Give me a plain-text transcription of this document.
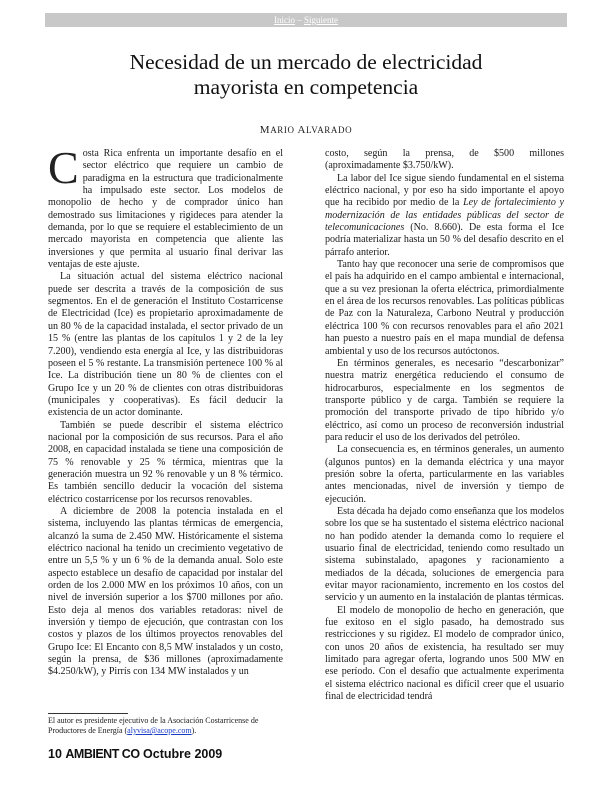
Inicio – Siguiente
Necesidad de un mercado de electricidad
mayorista en competencia
MARIO ALVARADO

Costa Rica enfrenta un importante desafío en el sector eléctrico que requiere un cambio de paradigma en la estructura que tradicionalmente ha impulsado este sector. Los modelos de monopolio de hecho y de comprador único han demostrado sus limitaciones y rigideces para atender la demanda, por lo que se requiere el establecimiento de un mercado mayorista en competencia que aliente las inversiones y que permita al usuario final derivar las ventajas de este ajuste.

La situación actual del sistema eléctrico nacional puede ser descrita a través de la composición de sus segmentos. En el de generación el Instituto Costarricense de Electricidad (Ice) es propietario aproximadamente de un 80 % de la capacidad instalada, el sector privado de un 15 % (entre las plantas de los capítulos 1 y 2 de la ley 7.200), vendiendo esta energía al Ice, y las distribuidoras poseen el 5 % restante. La transmisión pertenece 100 % al Ice. La distribución tiene un 80 % de clientes con el Grupo Ice y un 20 % de clientes con otras distribuidoras (municipales y cooperativas). Es fácil deducir la existencia de un actor dominante.

También se puede describir el sistema eléctrico nacional por la composición de sus recursos. Para el año 2008, en capacidad instalada se tiene una composición de 75 % renovable y 25 % térmica, mientras que la generación muestra un 92 % renovable y un 8 % térmico. Es también sencillo deducir la vocación del sistema eléctrico costarricense por los recursos renovables.

A diciembre de 2008 la potencia instalada en el sistema, incluyendo las plantas térmicas de emergencia, alcanzó la suma de 2.450 MW. Históricamente el sistema eléctrico nacional ha tenido un crecimiento vegetativo de entre un 5,5 % y un 6 % de la demanda anual. Solo este aspecto establece un desafío de capacidad por instalar del orden de los 2.000 MW en los próximos 10 años, con un nivel de inversión superior a los $700 millones por año. Esto deja al menos dos variables retadoras: nivel de inversión y tiempo de ejecución, que contrastan con los costos y plazos de los últimos proyectos renovables del Grupo Ice: El Encanto con 8,5 MW instalados y un costo, según la prensa, de $36 millones (aproximadamente $4.250/kW), y Pirrís con 134 MW instalados y un

costo, según la prensa, de $500 millones (aproximadamente $3.750/kW).

La labor del Ice sigue siendo fundamental en el sistema eléctrico nacional, y por eso ha sido importante el apoyo que ha recibido por medio de la Ley de fortalecimiento y modernización de las entidades públicas del sector de telecomunicaciones (No. 8.660). De esta forma el Ice podría materializar hasta un 50 % del desafío descrito en el párrafo anterior.

Tanto hay que reconocer una serie de compromisos que el país ha adquirido en el campo ambiental e internacional, que a su vez presionan la oferta eléctrica, primordialmente en el área de los recursos renovables. Las políticas públicas de Paz con la Naturaleza, Carbono Neutral y producción eléctrica 100 % con recursos renovables para el año 2021 han puesto a nuestro país en el mapa mundial de defensa ambiental y uso de los recursos autóctonos.

En términos generales, es necesario “descarbonizar” nuestra matriz energética reduciendo el consumo de hidrocarburos, especialmente en los segmentos de transporte público y de carga. También se requiere la promoción del transporte privado de tipo híbrido y/o eléctrico, así como un proceso de reconversión industrial para reducir el uso de los derivados del petróleo.

La consecuencia es, en términos generales, un aumento (algunos puntos) en la demanda eléctrica y una mayor presión sobre la oferta, particularmente en las variables antes mencionadas, nivel de inversión y tiempo de ejecución.

Esta década ha dejado como enseñanza que los modelos sobre los que se ha sustentado el sistema eléctrico nacional no han podido atender la demanda como lo requiere el usuario final de electricidad, teniendo como resultado un sistema subinstalado, apagones y racionamiento a mediados de la década, soluciones de emergencia para evitar mayor racionamiento, incremento en los costos del servicio y un aumento en la instalación de plantas térmicas.

El modelo de monopolio de hecho en generación, que fue exitoso en el siglo pasado, ha demostrado sus restricciones y su rigidez. El modelo de comprador único, con unos 20 años de existencia, ha resultado ser muy limitado para agregar oferta, logrando unos 500 MW en ese período. Con el desafío que actualmente experimenta el sistema eléctrico nacional es difícil creer que el usuario final de electricidad tendrá

El autor es presidente ejecutivo de la Asociación Costarricense de Productores de Energía (alyvisa@acope.com).
10 AMBIENT CO Octubre 2009
